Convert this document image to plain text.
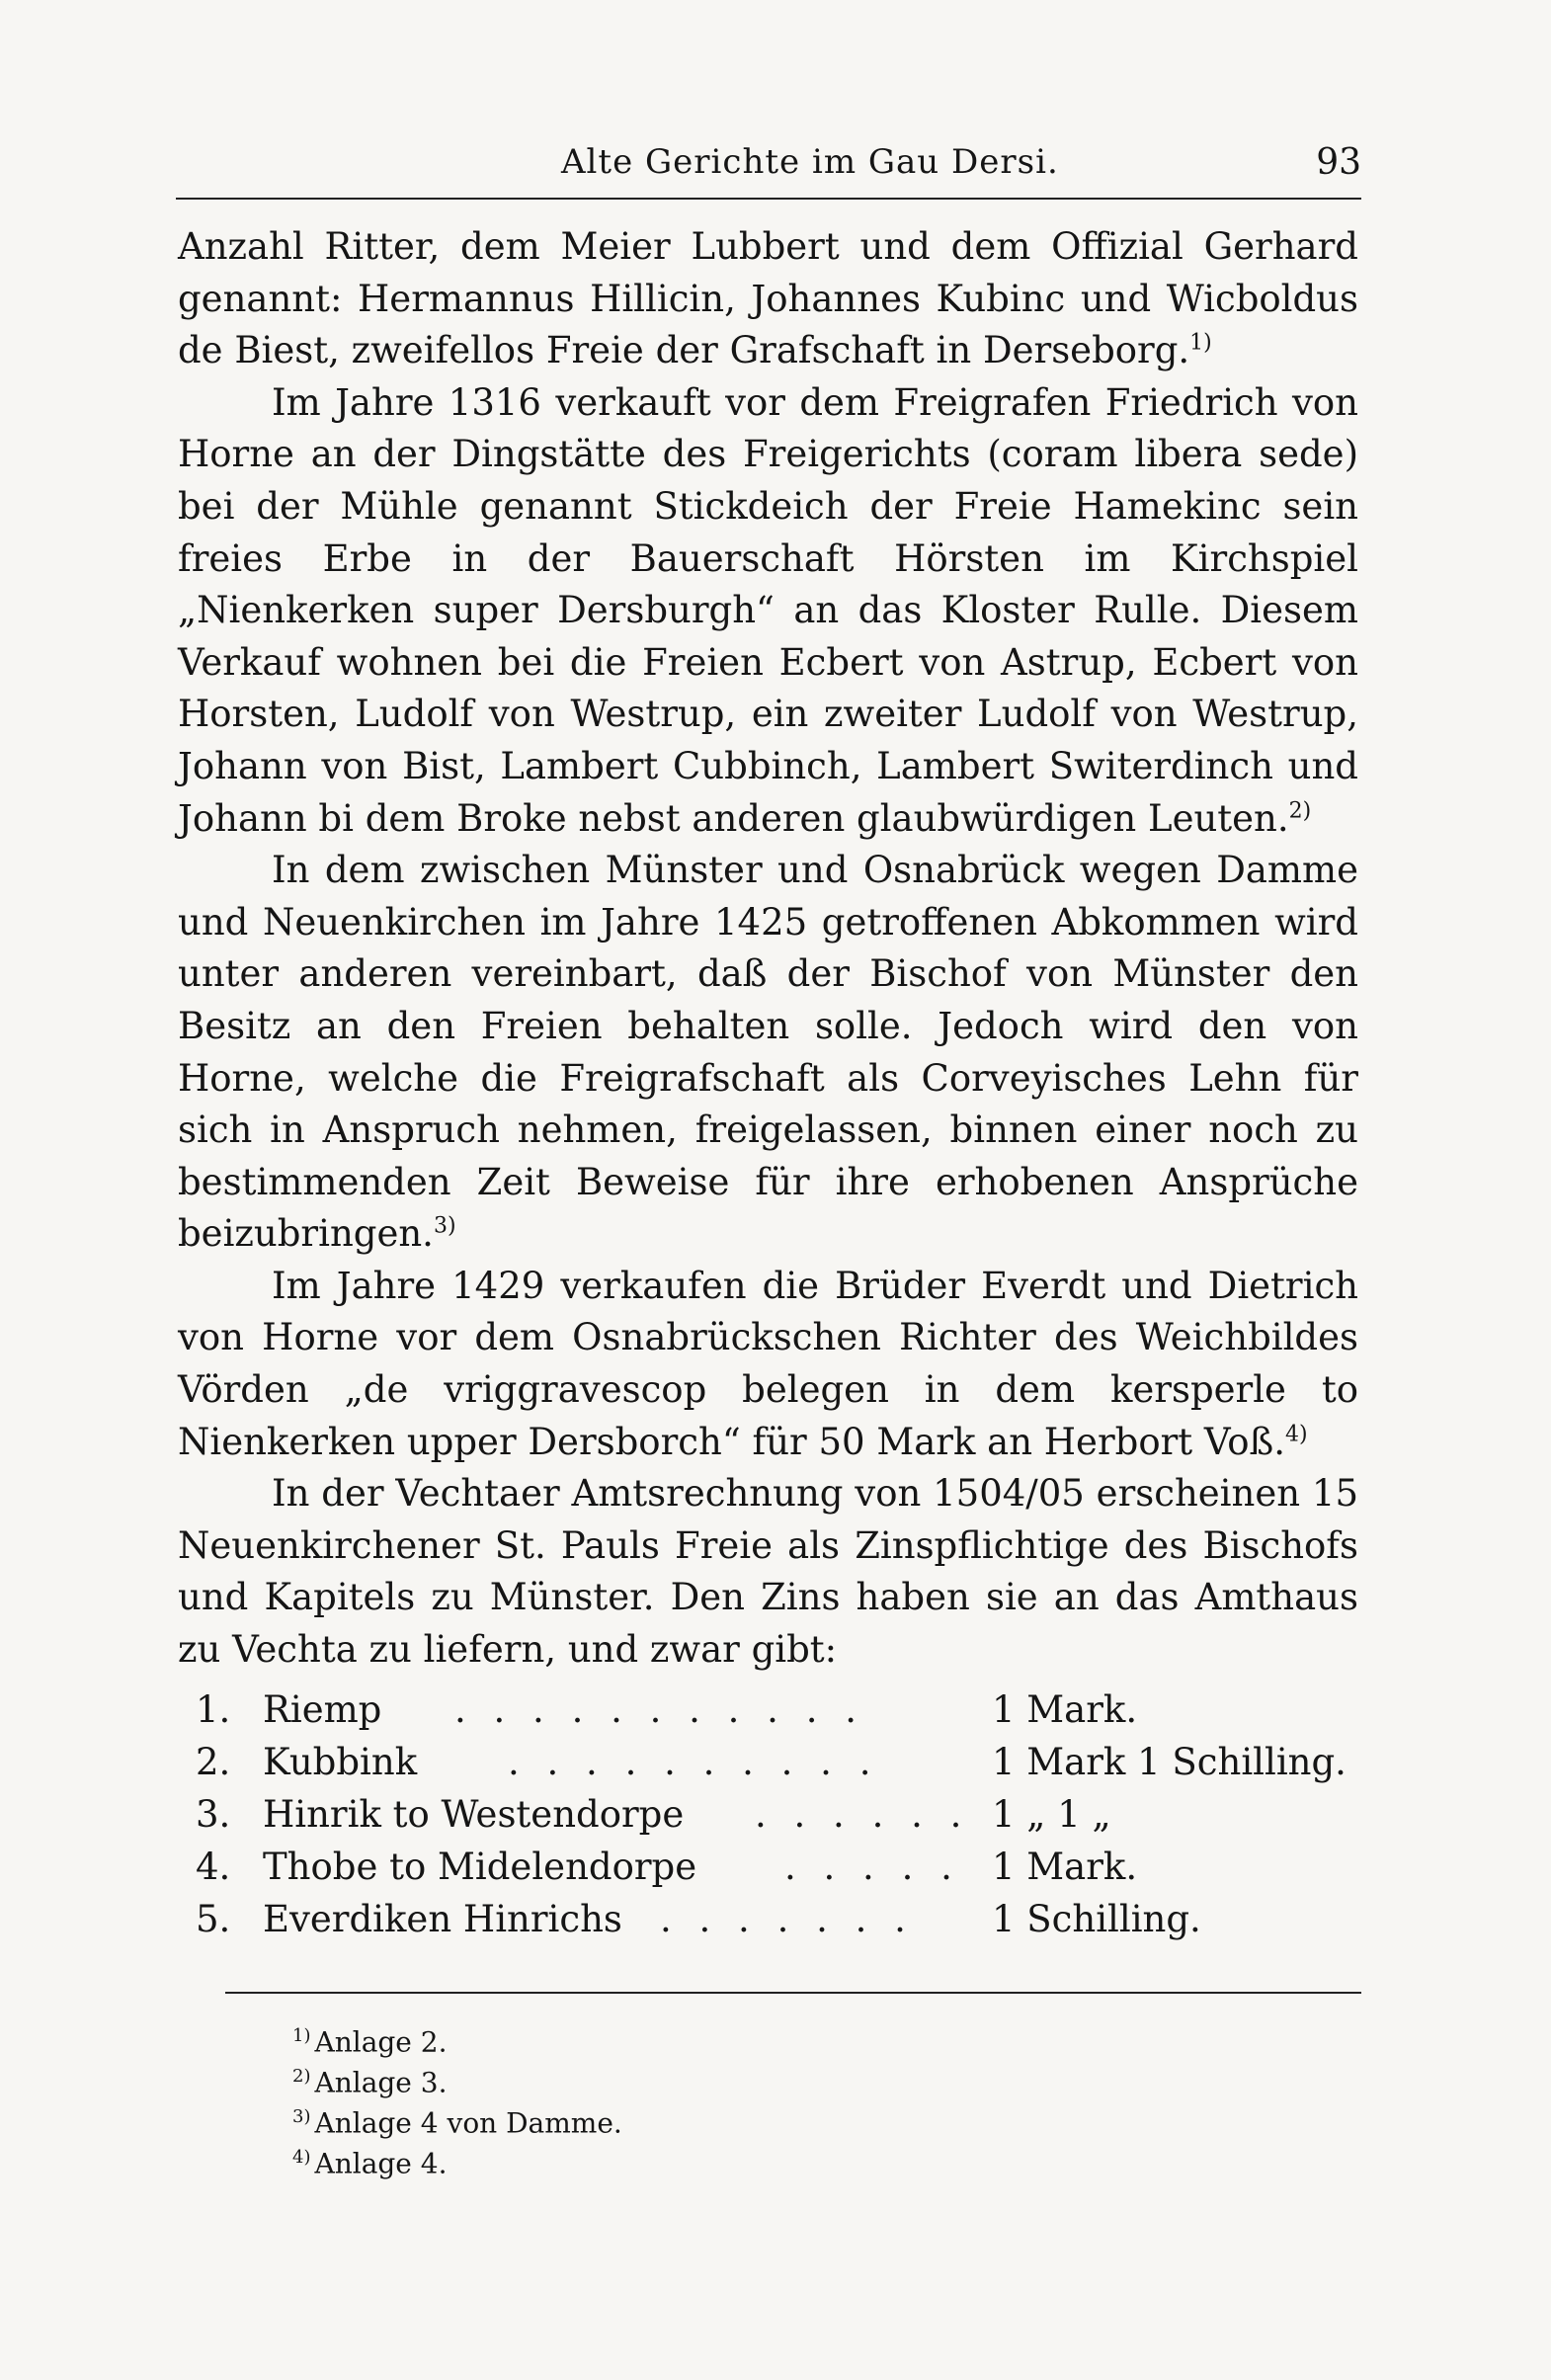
Alte Gerichte im Gau Dersi.	93

Anzahl Ritter, dem Meier Lubbert und dem Offizial Gerhard genannt: Hermannus Hillicin, Johannes Kubinc und Wicboldus de Biest, zweifellos Freie der Grafschaft in Derseborg.$^{1)}$

Im Jahre 1316 verkauft vor dem Freigrafen Friedrich von Horne an der Dingstätte des Freigerichts (coram libera sede) bei der Mühle genannt Stickdeich der Freie Hamekinc sein freies Erbe in der Bauerschaft Hörsten im Kirchspiel „Nienkerken super Dersburgh“ an das Kloster Rulle. Diesem Verkauf wohnen bei die Freien Ecbert von Astrup, Ecbert von Horsten, Ludolf von Westrup, ein zweiter Ludolf von Westrup, Johann von Bist, Lambert Cubbinch, Lambert Switerdinch und Johann bi dem Broke nebst anderen glaubwürdigen Leuten.$^{2)}$

In dem zwischen Münster und Osnabrück wegen Damme und Neuenkirchen im Jahre 1425 getroffenen Abkommen wird unter anderen vereinbart, daß der Bischof von Münster den Besitz an den Freien behalten solle. Jedoch wird den von Horne, welche die Freigrafschaft als Corveyisches Lehn für sich in Anspruch nehmen, freigelassen, binnen einer noch zu bestimmenden Zeit Beweise für ihre erhobenen Ansprüche beizubringen.$^{3)}$

Im Jahre 1429 verkaufen die Brüder Everdt und Dietrich von Horne vor dem Osnabrückschen Richter des Weichbildes Vörden „de vriggravescop belegen in dem kersperle to Nienkerken upper Dersborch“ für 50 Mark an Herbort Voß.$^{4)}$

In der Vechtaer Amtsrechnung von 1504/05 erscheinen 15 Neuenkirchener St. Pauls Freie als Zinspflichtige des Bischofs und Kapitels zu Münster. Den Zins haben sie an das Amthaus zu Vechta zu liefern, und zwar gibt:

1. Riemp . . . . . . . . . . .	1 Mark.
2. Kubbink . . . . . . . . . .	1 Mark 1 Schilling.
3. Hinrik to Westendorpe . . . . . . 1 „ 1 „
4. Thobe to Midelendorpe . . . . . 1 Mark.
5. Everdiken Hinrichs . . . . . . . 1 Schilling.
$^{1)}$ Anlage 2.
$^{2)}$ Anlage 3.
$^{3)}$ Anlage 4 von Damme.
$^{4)}$ Anlage 4.
